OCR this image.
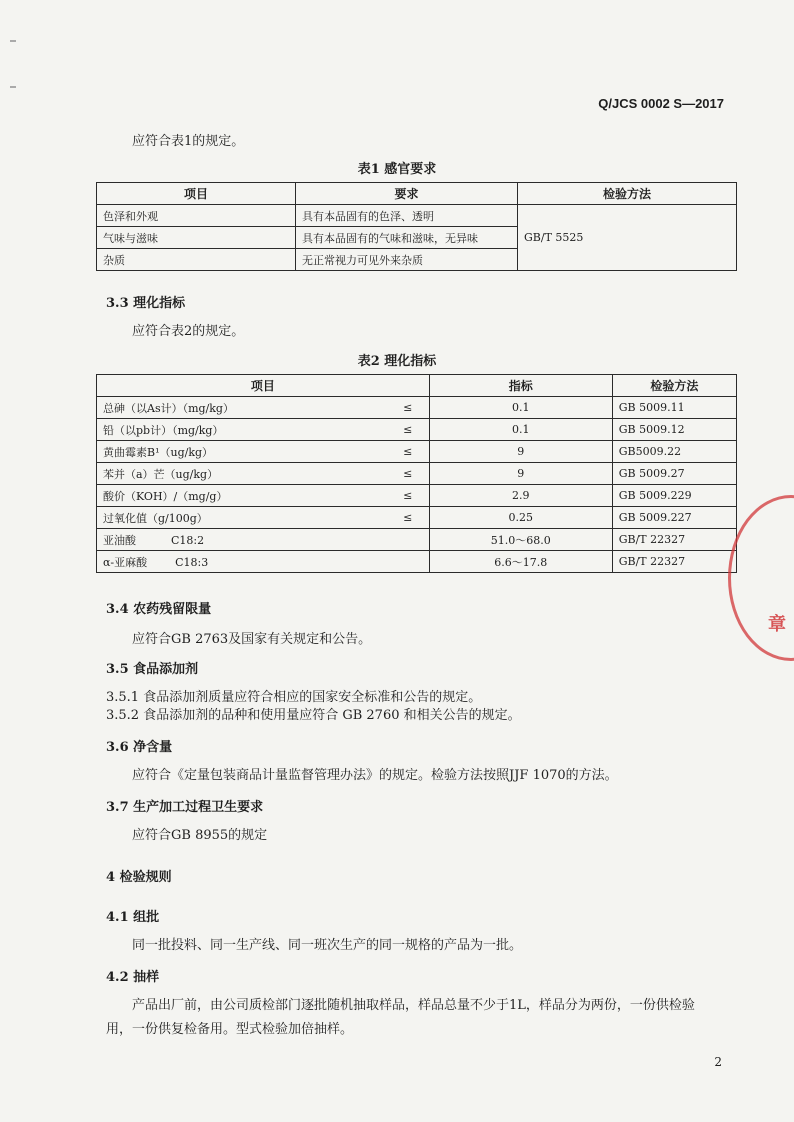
Q/JCS 0002 S—2017
应符合表1的规定。
表1 感官要求
项目	要求	检验方法
色泽和外观	具有本品固有的色泽、透明	GB/T 5525
气味与滋味	具有本品固有的气味和滋味，无异味	
杂质	无正常视力可见外来杂质	
3.3 理化指标
应符合表2的规定。
表2 理化指标
项目		指标	检验方法
总砷（以As计）（mg/kg）	≤	0.1	GB 5009.11
铅（以pb计）（mg/kg）	≤	0.1	GB 5009.12
黄曲霉素B¹（ug/kg）	≤	9	GB5009.22
苯并（a）芒（ug/kg）	≤	9	GB 5009.27
酸价（KOH）/（mg/g）	≤	2.9	GB 5009.229
过氧化值（g/100g）	≤	0.25	GB 5009.227
亚油酸          C18:2		51.0～68.0	GB/T 22327
α-亚麻酸        C18:3		6.6～17.8	GB/T 22327
3.4 农药残留限量
应符合GB 2763及国家有关规定和公告。
3.5 食品添加剂
3.5.1 食品添加剂质量应符合相应的国家安全标准和公告的规定。
3.5.2 食品添加剂的品种和使用量应符合 GB 2760 和相关公告的规定。
3.6 净含量
应符合《定量包装商品计量监督管理办法》的规定。检验方法按照JJF 1070的方法。
3.7 生产加工过程卫生要求
应符合GB 8955的规定
4 检验规则
4.1 组批
同一批投料、同一生产线、同一班次生产的同一规格的产品为一批。
4.2 抽样
产品出厂前，由公司质检部门逐批随机抽取样品，样品总量不少于1L，样品分为两份，一份供检验
用，一份供复检备用。型式检验加倍抽样。
章
2
